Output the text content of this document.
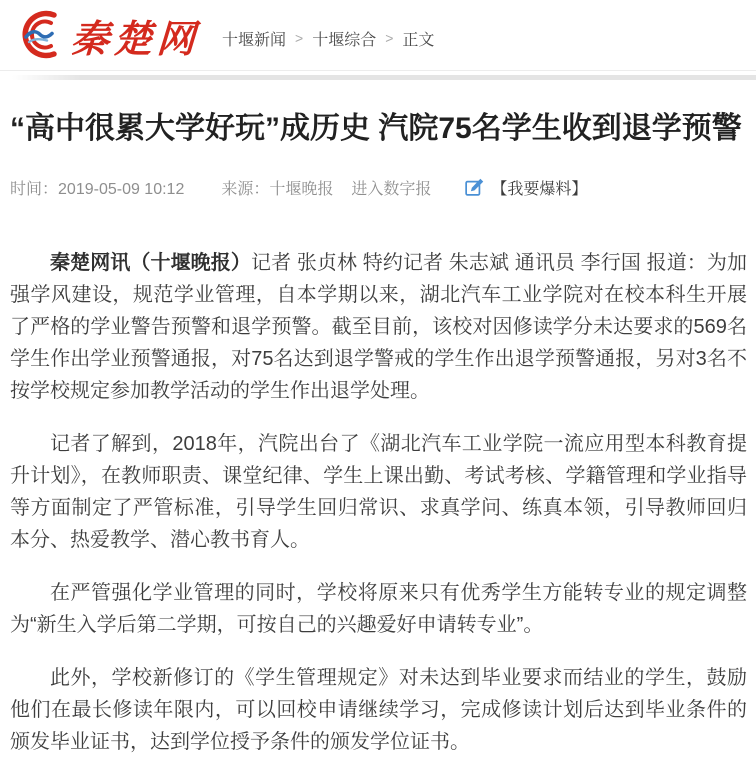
秦楚网 十堰新闻 > 十堰综合 > 正文
“高中很累大学好玩”成历史 汽院75名学生收到退学预警
时间：2019-05-09 10:12 来源：十堰晚报 进入数字报	【我要爆料】

秦楚网讯（十堰晚报）记者 张贞林 特约记者 朱志斌 通讯员 李行国 报道：为加强学风建设，规范学业管理，自本学期以来，湖北汽车工业学院对在校本科生开展了严格的学业警告预警和退学预警。截至目前，该校对因修读学分未达要求的569名学生作出学业预警通报，对75名达到退学警戒的学生作出退学预警通报，另对3名不按学校规定参加教学活动的学生作出退学处理。

记者了解到，2018年，汽院出台了《湖北汽车工业学院一流应用型本科教育提升计划》，在教师职责、课堂纪律、学生上课出勤、考试考核、学籍管理和学业指导等方面制定了严管标准，引导学生回归常识、求真学问、练真本领，引导教师回归本分、热爱教学、潜心教书育人。

在严管强化学业管理的同时，学校将原来只有优秀学生方能转专业的规定调整为“新生入学后第二学期，可按自己的兴趣爱好申请转专业”。

此外，学校新修订的《学生管理规定》对未达到毕业要求而结业的学生，鼓励他们在最长修读年限内，可以回校申请继续学习，完成修读计划后达到毕业条件的颁发毕业证书，达到学位授予条件的颁发学位证书。
